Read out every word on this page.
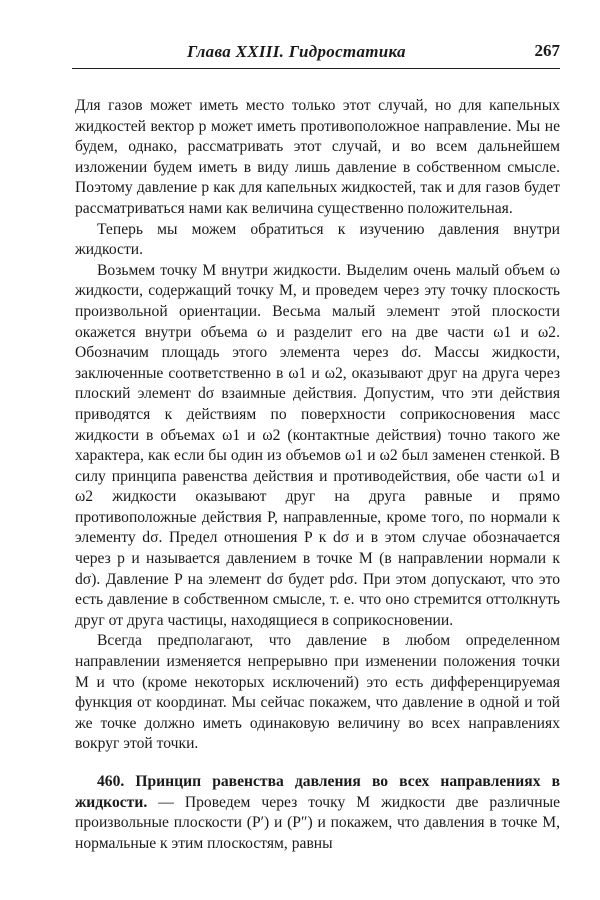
Глава XXIII. Гидростатика	267

Для газов может иметь место только этот случай, но для капельных жидкостей вектор p может иметь противоположное направление. Мы не будем, однако, рассматривать этот случай, и во всем дальнейшем изложении будем иметь в виду лишь давление в собственном смысле. Поэтому давление p как для капельных жидкостей, так и для газов будет рассматриваться нами как величина существенно положительная.

Теперь мы можем обратиться к изучению давления внутри жидкости.

Возьмем точку M внутри жидкости. Выделим очень малый объем ω жидкости, содержащий точку M, и проведем через эту точку плоскость произвольной ориентации. Весьма малый элемент этой плоскости окажется внутри объема ω и разделит его на две части ω1 и ω2. Обозначим площадь этого элемента через dσ. Массы жидкости, заключенные соответственно в ω1 и ω2, оказывают друг на друга через плоский элемент dσ взаимные действия. Допустим, что эти действия приводятся к действиям по поверхности соприкосновения масс жидкости в объемах ω1 и ω2 (контактные действия) точно такого же характера, как если бы один из объемов ω1 и ω2 был заменен стенкой. В силу принципа равенства действия и противодействия, обе части ω1 и ω2 жидкости оказывают друг на друга равные и прямо противоположные действия P, направленные, кроме того, по нормали к элементу dσ. Предел отношения P к dσ и в этом случае обозначается через p и называется давлением в точке M (в направлении нормали к dσ). Давление P на элемент dσ будет pdσ. При этом допускают, что это есть давление в собственном смысле, т. е. что оно стремится оттолкнуть друг от друга частицы, находящиеся в соприкосновении.

Всегда предполагают, что давление в любом определенном направлении изменяется непрерывно при изменении положения точки M и что (кроме некоторых исключений) это есть дифференцируемая функция от координат. Мы сейчас покажем, что давление в одной и той же точке должно иметь одинаковую величину во всех направлениях вокруг этой точки.

460. Принцип равенства давления во всех направлениях в жидкости. — Проведем через точку M жидкости две различные произвольные плоскости (P′) и (P″) и покажем, что давления в точке M, нормальные к этим плоскостям, равны
